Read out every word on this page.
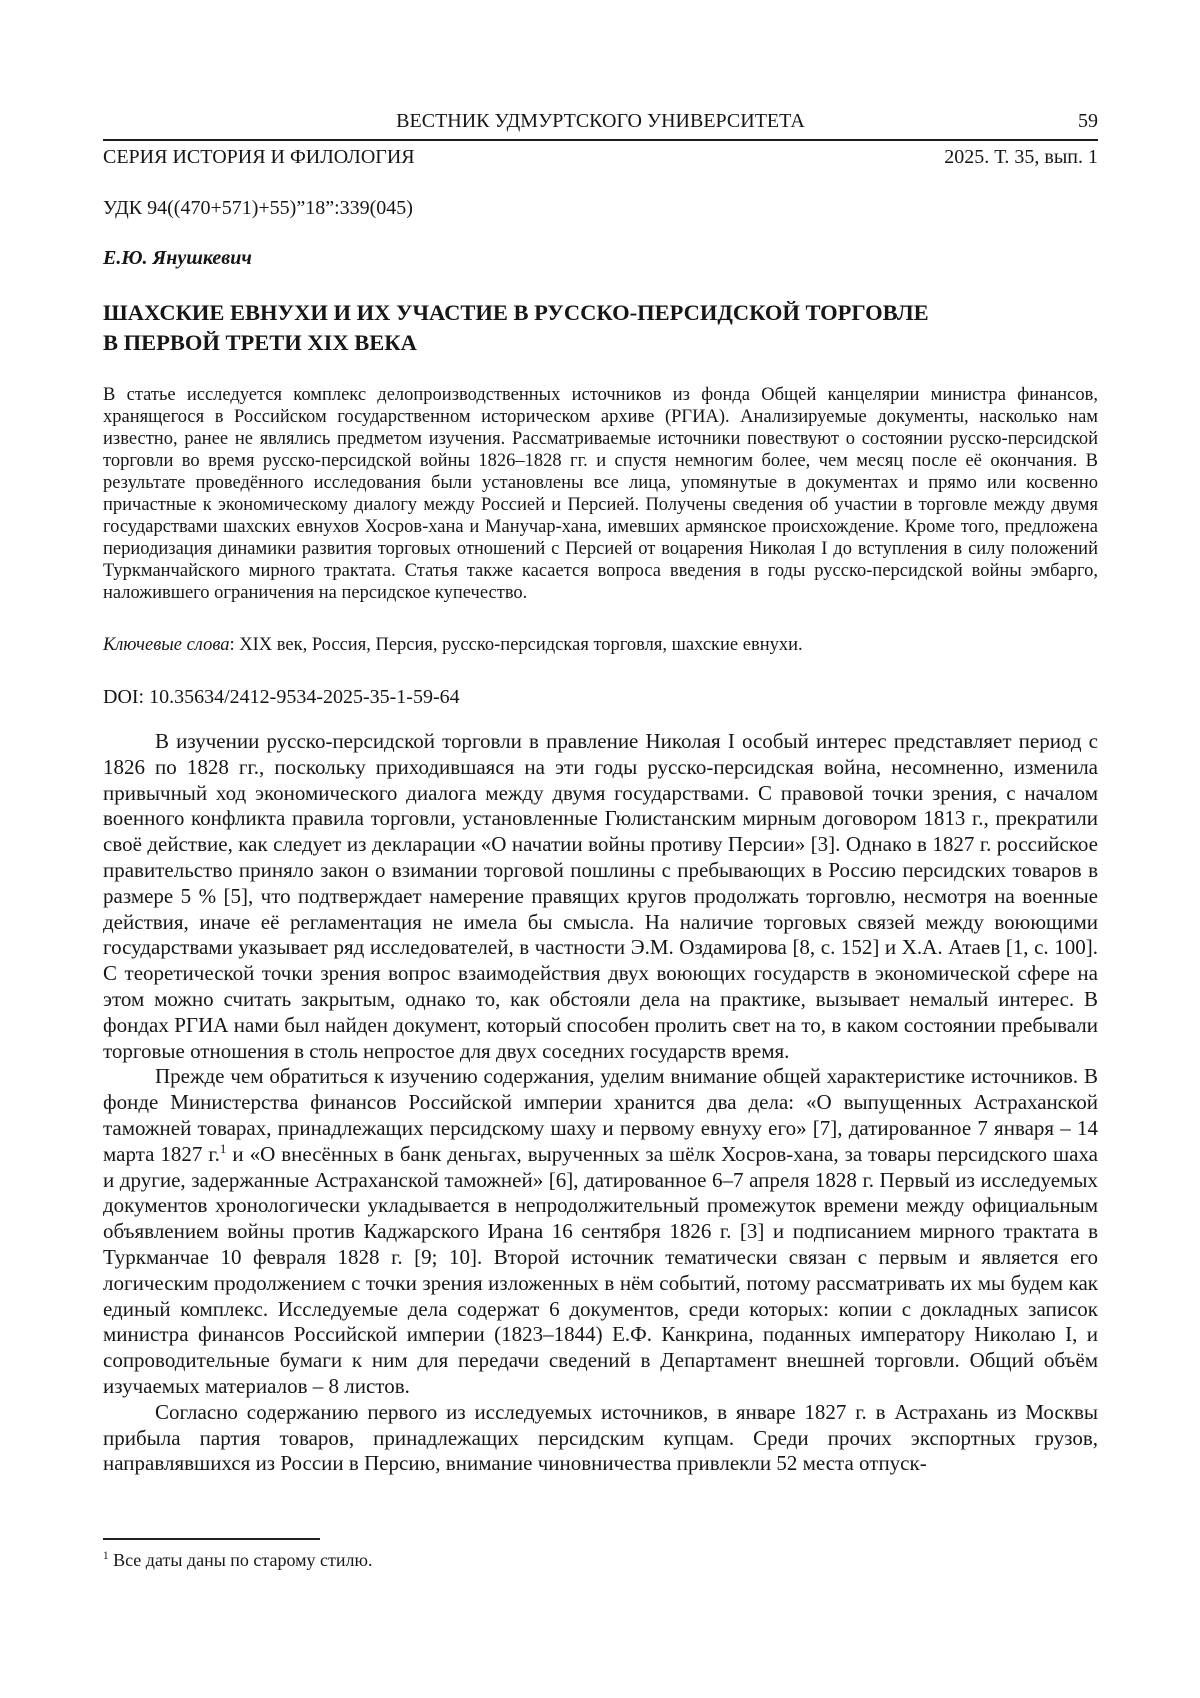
ВЕСТНИК УДМУРТСКОГО УНИВЕРСИТЕТА	59
СЕРИЯ ИСТОРИЯ И ФИЛОЛОГИЯ	2025. Т. 35, вып. 1
УДК 94((470+571)+55)”18”:339(045)
Е.Ю. Янушкевич
ШАХСКИЕ ЕВНУХИ И ИХ УЧАСТИЕ В РУССКО-ПЕРСИДСКОЙ ТОРГОВЛЕ
В ПЕРВОЙ ТРЕТИ XIX ВЕКА

В статье исследуется комплекс делопроизводственных источников из фонда Общей канцелярии министра финансов, хранящегося в Российском государственном историческом архиве (РГИА). Анализируемые документы, насколько нам известно, ранее не являлись предметом изучения. Рассматриваемые источники повествуют о состоянии русско-персидской торговли во время русско-персидской войны 1826–1828 гг. и спустя немногим более, чем месяц после её окончания. В результате проведённого исследования были установлены все лица, упомянутые в документах и прямо или косвенно причастные к экономическому диалогу между Россией и Персией. Получены сведения об участии в торговле между двумя государствами шахских евнухов Хосров-хана и Манучар-хана, имевших армянское происхождение. Кроме того, предложена периодизация динамики развития торговых отношений с Персией от воцарения Николая I до вступления в силу положений Туркманчайского мирного трактата. Статья также касается вопроса введения в годы русско-персидской войны эмбарго, наложившего ограничения на персидское купечество.

Ключевые слова: XIX век, Россия, Персия, русско-персидская торговля, шахские евнухи.

DOI: 10.35634/2412-9534-2025-35-1-59-64

В изучении русско-персидской торговли в правление Николая I особый интерес представляет период с 1826 по 1828 гг., поскольку приходившаяся на эти годы русско-персидская война, несомненно, изменила привычный ход экономического диалога между двумя государствами. С правовой точки зрения, с началом военного конфликта правила торговли, установленные Гюлистанским мирным договором 1813 г., прекратили своё действие, как следует из декларации «О начатии войны противу Персии» [3]. Однако в 1827 г. российское правительство приняло закон о взимании торговой пошлины с пребывающих в Россию персидских товаров в размере 5 % [5], что подтверждает намерение правящих кругов продолжать торговлю, несмотря на военные действия, иначе её регламентация не имела бы смысла. На наличие торговых связей между воюющими государствами указывает ряд исследователей, в частности Э.М. Оздамирова [8, с. 152] и Х.А. Атаев [1, с. 100]. С теоретической точки зрения вопрос взаимодействия двух воюющих государств в экономической сфере на этом можно считать закрытым, однако то, как обстояли дела на практике, вызывает немалый интерес. В фондах РГИА нами был найден документ, который способен пролить свет на то, в каком состоянии пребывали торговые отношения в столь непростое для двух соседних государств время.

Прежде чем обратиться к изучению содержания, уделим внимание общей характеристике источников. В фонде Министерства финансов Российской империи хранится два дела: «О выпущенных Астраханской таможней товарах, принадлежащих персидскому шаху и первому евнуху его» [7], датированное 7 января – 14 марта 1827 г.$^1$ и «О внесённых в банк деньгах, вырученных за шёлк Хосров-хана, за товары персидского шаха и другие, задержанные Астраханской таможней» [6], датированное 6–7 апреля 1828 г. Первый из исследуемых документов хронологически укладывается в непродолжительный промежуток времени между официальным объявлением войны против Каджарского Ирана 16 сентября 1826 г. [3] и подписанием мирного трактата в Туркманчае 10 февраля 1828 г. [9; 10]. Второй источник тематически связан с первым и является его логическим продолжением с точки зрения изложенных в нём событий, потому рассматривать их мы будем как единый комплекс. Исследуемые дела содержат 6 документов, среди которых: копии с докладных записок министра финансов Российской империи (1823–1844) Е.Ф. Канкрина, поданных императору Николаю I, и сопроводительные бумаги к ним для передачи сведений в Департамент внешней торговли. Общий объём изучаемых материалов – 8 листов.

Согласно содержанию первого из исследуемых источников, в январе 1827 г. в Астрахань из Москвы прибыла партия товаров, принадлежащих персидским купцам. Среди прочих экспортных грузов, направлявшихся из России в Персию, внимание чиновничества привлекли 52 места отпуск-

$^1$ Все даты даны по старому стилю.
